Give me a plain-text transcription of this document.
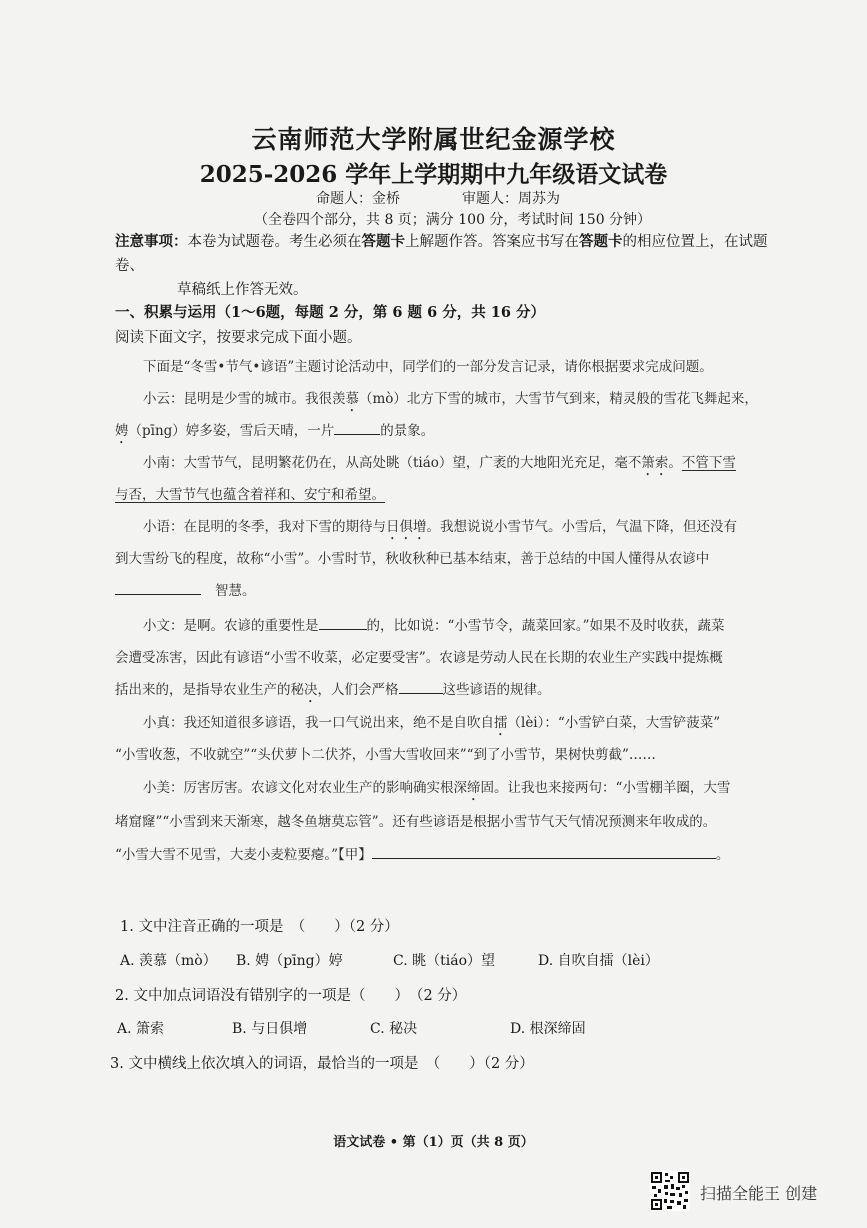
云南师范大学附属世纪金源学校
2025-2026 学年上学期期中九年级语文试卷
命题人：金桥	审题人：周苏为
（全卷四个部分，共 8 页；满分 100 分，考试时间 150 分钟）
注意事项：本卷为试题卷。考生必须在答题卡上解题作答。答案应书写在答题卡的相应位置上，在试题卷、
草稿纸上作答无效。
一、积累与运用（1～6题，每题 2 分，第 6 题 6 分，共 16 分）
阅读下面文字，按要求完成下面小题。
下面是“冬雪•节气•谚语”主题讨论活动中，同学们的一部分发言记录，请你根据要求完成问题。
小云：昆明是少雪的城市。我很羡慕（mò）北方下雪的城市，大雪节气到来，精灵般的雪花飞舞起来，
娉（pīng）婷多姿，雪后天晴，一片	的景象。
小南：大雪节气，昆明繁花仍在，从高处眺（tiáo）望，广袤的大地阳光充足，毫不箫索。不管下雪
与否，大雪节气也蕴含着祥和、安宁和希望。
小语：在昆明的冬季，我对下雪的期待与日俱增。我想说说小雪节气。小雪后，气温下降，但还没有
到大雪纷飞的程度，故称“小雪”。小雪时节，秋收秋种已基本结束，善于总结的中国人懂得从农谚中
智慧。
小文：是啊。农谚的重要性是	的，比如说：“小雪节令，蔬菜回家。”如果不及时收获，蔬菜
会遭受冻害，因此有谚语“小雪不收菜，必定要受害”。农谚是劳动人民在长期的农业生产实践中提炼概
括出来的，是指导农业生产的秘决，人们会严格	这些谚语的规律。
小真：我还知道很多谚语，我一口气说出来，绝不是自吹自擂（lèi）：“小雪铲白菜，大雪铲菠菜”
“小雪收葱，不收就空”“头伏萝卜二伏芥，小雪大雪收回来”“到了小雪节，果树快剪截”……
小美：厉害厉害。农谚文化对农业生产的影响确实根深缔固。让我也来接两句：“小雪棚羊圈，大雪
堵窟窿”“小雪到来天渐寒，越冬鱼塘莫忘管”。还有些谚语是根据小雪节气天气情况预测来年收成的。
“小雪大雪不见雪，大麦小麦粒要瘪。”【甲】	。
1. 文中注音正确的一项是　（　　）（2 分）
A. 羡慕（mò） B. 娉（pīng）婷	C. 眺（tiáo）望	D. 自吹自擂（lèi）
2. 文中加点词语没有错别字的一项是（　　）　（2 分）
A. 箫索	B. 与日俱增	C. 秘决	D. 根深缔固
3. 文中横线上依次填入的词语，最恰当的一项是　（　　）（2 分）
语文试卷 • 第（1）页（共 8 页）
扫描全能王 创建
